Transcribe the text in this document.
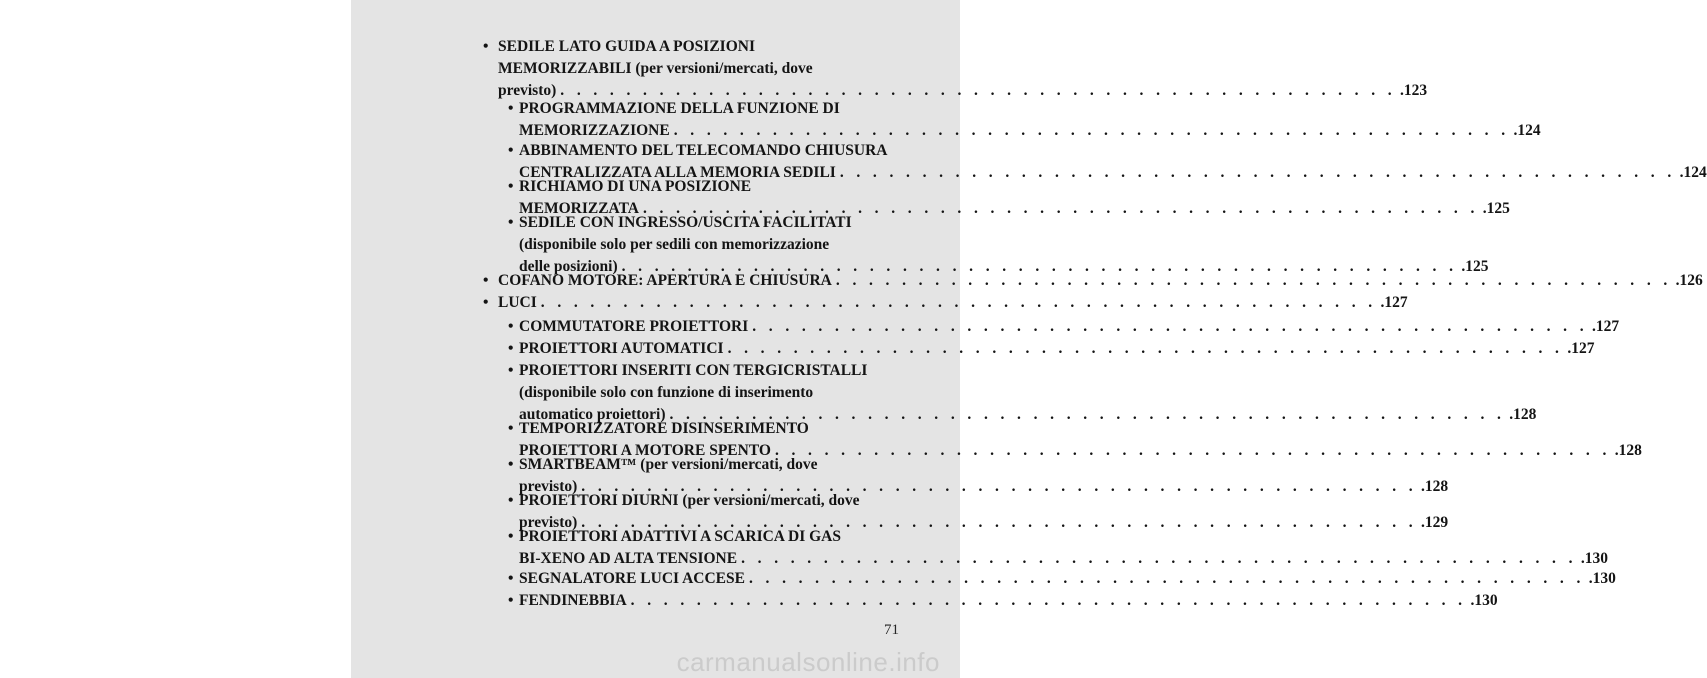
• SEDILE LATO GUIDA A POSIZIONI
MEMORIZZABILI (per versioni/mercati, dove
previsto) . . . . . . . . . . . . . . . . . . . . . . . . . . . . . . . . . . . . . . . . . . . . . . . . . . . .123
• PROGRAMMAZIONE DELLA FUNZIONE DI
MEMORIZZAZIONE . . . . . . . . . . . . . . . . . . . . . . . . . . . . . . . . . . . . . . . . . . . . . . . . . . . .124
• ABBINAMENTO DEL TELECOMANDO CHIUSURA
CENTRALIZZATA ALLA MEMORIA SEDILI . . . . . . . . . . . . . . . . . . . . . . . . . . . . . . . . . . . . . . . . . . . . . . . . . . . .124
• RICHIAMO DI UNA POSIZIONE
MEMORIZZATA . . . . . . . . . . . . . . . . . . . . . . . . . . . . . . . . . . . . . . . . . . . . . . . . . . . .125
• SEDILE CON INGRESSO/USCITA FACILITATI
(disponibile solo per sedili con memorizzazione
delle posizioni) . . . . . . . . . . . . . . . . . . . . . . . . . . . . . . . . . . . . . . . . . . . . . . . . . . . .125
• COFANO MOTORE: APERTURA E CHIUSURA . . . . . . . . . . . . . . . . . . . . . . . . . . . . . . . . . . . . . . . . . . . . . . . . . . . .126
• LUCI . . . . . . . . . . . . . . . . . . . . . . . . . . . . . . . . . . . . . . . . . . . . . . . . . . . .127
• COMMUTATORE PROIETTORI . . . . . . . . . . . . . . . . . . . . . . . . . . . . . . . . . . . . . . . . . . . . . . . . . . . .127
• PROIETTORI AUTOMATICI . . . . . . . . . . . . . . . . . . . . . . . . . . . . . . . . . . . . . . . . . . . . . . . . . . . .127
• PROIETTORI INSERITI CON TERGICRISTALLI
(disponibile solo con funzione di inserimento
automatico proiettori) . . . . . . . . . . . . . . . . . . . . . . . . . . . . . . . . . . . . . . . . . . . . . . . . . . . .128
• TEMPORIZZATORE DISINSERIMENTO
PROIETTORI A MOTORE SPENTO . . . . . . . . . . . . . . . . . . . . . . . . . . . . . . . . . . . . . . . . . . . . . . . . . . . .128
• SMARTBEAM™ (per versioni/mercati, dove
previsto) . . . . . . . . . . . . . . . . . . . . . . . . . . . . . . . . . . . . . . . . . . . . . . . . . . . .128
• PROIETTORI DIURNI (per versioni/mercati, dove
previsto) . . . . . . . . . . . . . . . . . . . . . . . . . . . . . . . . . . . . . . . . . . . . . . . . . . . .129
• PROIETTORI ADATTIVI A SCARICA DI GAS
BI-XENO AD ALTA TENSIONE . . . . . . . . . . . . . . . . . . . . . . . . . . . . . . . . . . . . . . . . . . . . . . . . . . . .130
• SEGNALATORE LUCI ACCESE . . . . . . . . . . . . . . . . . . . . . . . . . . . . . . . . . . . . . . . . . . . . . . . . . . . .130
• FENDINEBBIA . . . . . . . . . . . . . . . . . . . . . . . . . . . . . . . . . . . . . . . . . . . . . . . . . . . .130
71
carmanualsonline.info
